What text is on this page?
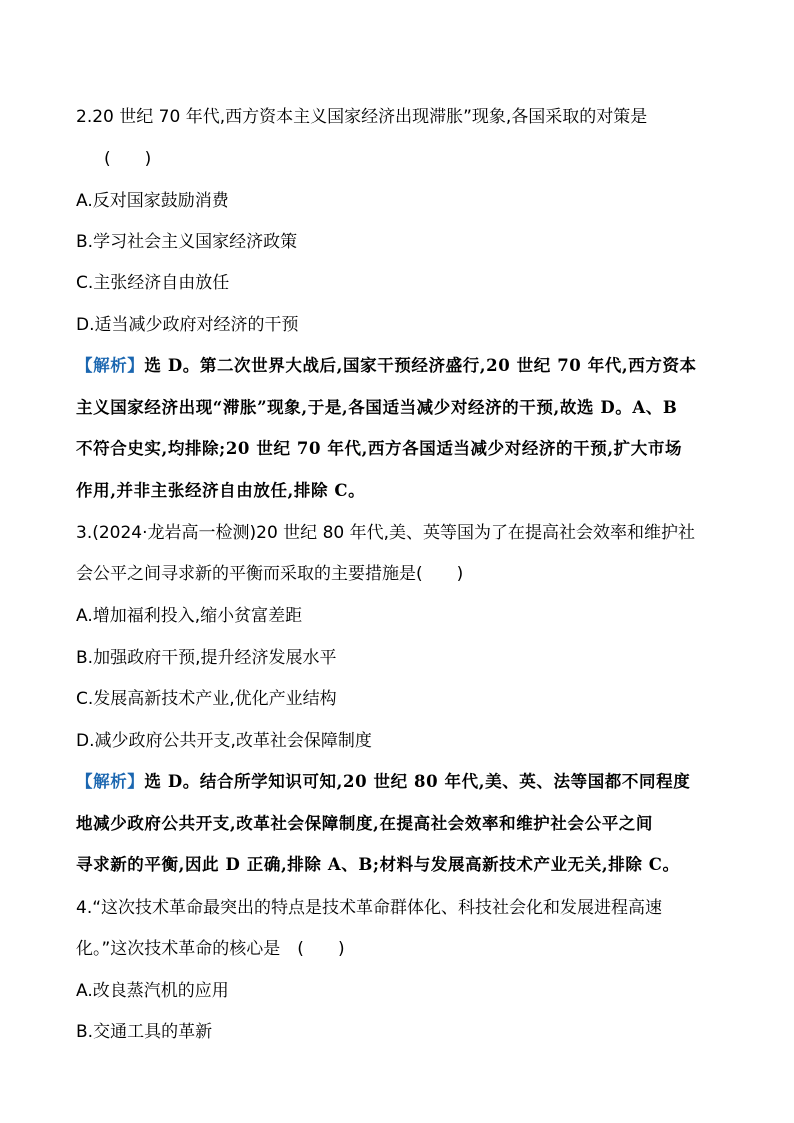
2.20 世纪 70 年代,西方资本主义国家经济出现滞胀”现象,各国采取的对策是
(　　)
A.反对国家鼓励消费
B.学习社会主义国家经济政策
C.主张经济自由放任
D.适当减少政府对经济的干预
【解析】选 D。第二次世界大战后,国家干预经济盛行,20 世纪 70 年代,西方资本
主义国家经济出现“滞胀”现象,于是,各国适当减少对经济的干预,故选 D。A、B
不符合史实,均排除;20 世纪 70 年代,西方各国适当减少对经济的干预,扩大市场
作用,并非主张经济自由放任,排除 C。
3.(2024·龙岩高一检测)20 世纪 80 年代,美、英等国为了在提高社会效率和维护社
会公平之间寻求新的平衡而采取的主要措施是(　　)
A.增加福利投入,缩小贫富差距
B.加强政府干预,提升经济发展水平
C.发展高新技术产业,优化产业结构
D.减少政府公共开支,改革社会保障制度
【解析】选 D。结合所学知识可知,20 世纪 80 年代,美、英、法等国都不同程度
地减少政府公共开支,改革社会保障制度,在提高社会效率和维护社会公平之间
寻求新的平衡,因此 D 正确,排除 A、B;材料与发展高新技术产业无关,排除 C。
4.“这次技术革命最突出的特点是技术革命群体化、科技社会化和发展进程高速
化。”这次技术革命的核心是　(　　)
A.改良蒸汽机的应用
B.交通工具的革新
